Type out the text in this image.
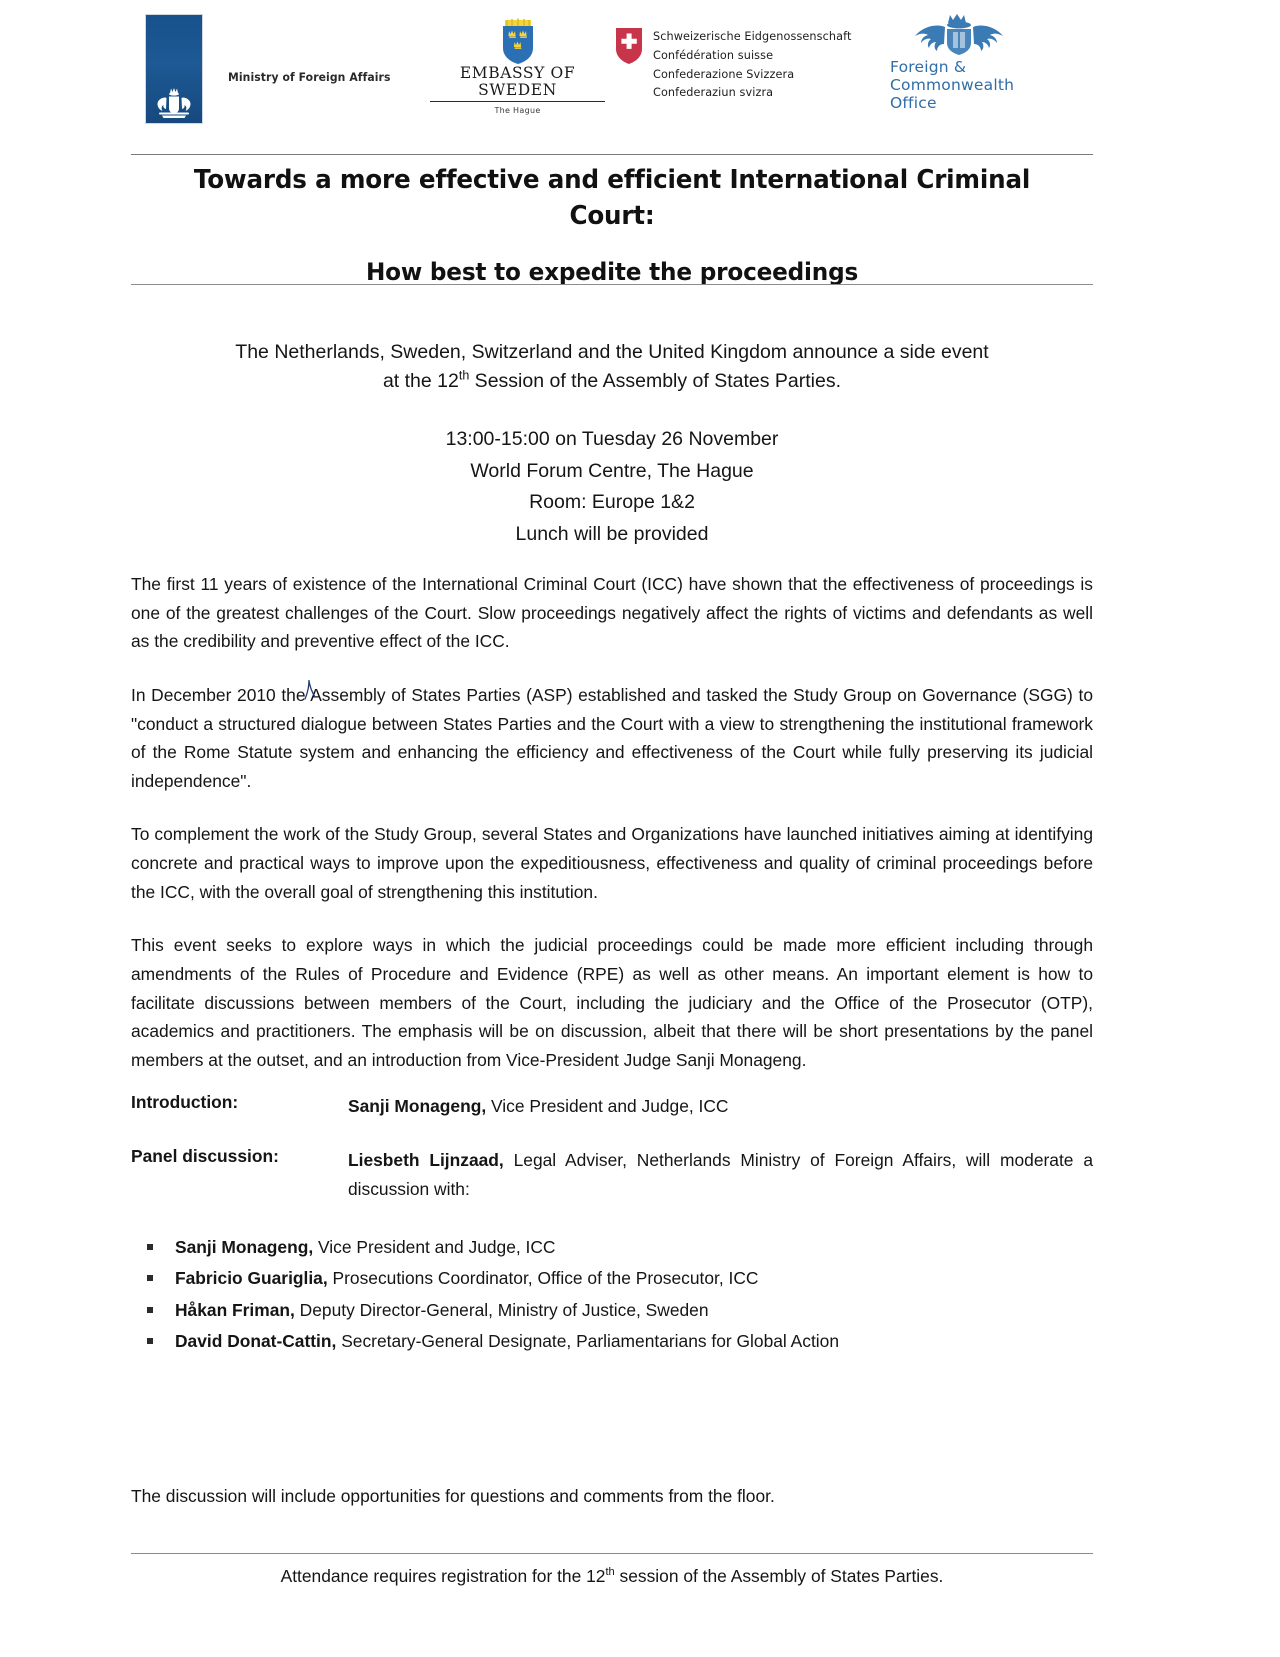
Ministry of Foreign Affairs	EMBASSY OF SWEDEN
The Hague
Schweizerische Eidgenossenschaft
Confédération suisse
Confederazione Svizzera
Confederaziun svizra
Foreign &
Commonwealth
Office
Towards a more effective and efficient International Criminal Court:
How best to expedite the proceedings
The Netherlands, Sweden, Switzerland and the United Kingdom announce a side event
at the 12th Session of the Assembly of States Parties.
13:00-15:00 on Tuesday 26 November
World Forum Centre, The Hague
Room: Europe 1&2
Lunch will be provided

The first 11 years of existence of the International Criminal Court (ICC) have shown that the effectiveness of proceedings is one of the greatest challenges of the Court. Slow proceedings negatively affect the rights of victims and defendants as well as the credibility and preventive effect of the ICC.

In December 2010 the Assembly of States Parties (ASP) established and tasked the Study Group on Governance (SGG) to "conduct a structured dialogue between States Parties and the Court with a view to strengthening the institutional framework of the Rome Statute system and enhancing the efficiency and effectiveness of the Court while fully preserving its judicial independence".

To complement the work of the Study Group, several States and Organizations have launched initiatives aiming at identifying concrete and practical ways to improve upon the expeditiousness, effectiveness and quality of criminal proceedings before the ICC, with the overall goal of strengthening this institution.

This event seeks to explore ways in which the judicial proceedings could be made more efficient including through amendments of the Rules of Procedure and Evidence (RPE) as well as other means. An important element is how to facilitate discussions between members of the Court, including the judiciary and the Office of the Prosecutor (OTP), academics and practitioners. The emphasis will be on discussion, albeit that there will be short presentations by the panel members at the outset, and an introduction from Vice-President Judge Sanji Monageng.

Introduction:	Sanji Monageng, Vice President and Judge, ICC
Panel discussion:	Liesbeth Lijnzaad, Legal Adviser, Netherlands Ministry of Foreign Affairs, will moderate a discussion with:
Sanji Monageng, Vice President and Judge, ICC
Fabricio Guariglia, Prosecutions Coordinator, Office of the Prosecutor, ICC
Håkan Friman, Deputy Director-General, Ministry of Justice, Sweden
David Donat-Cattin, Secretary-General Designate, Parliamentarians for Global Action
The discussion will include opportunities for questions and comments from the floor.
Attendance requires registration for the 12th session of the Assembly of States Parties.
